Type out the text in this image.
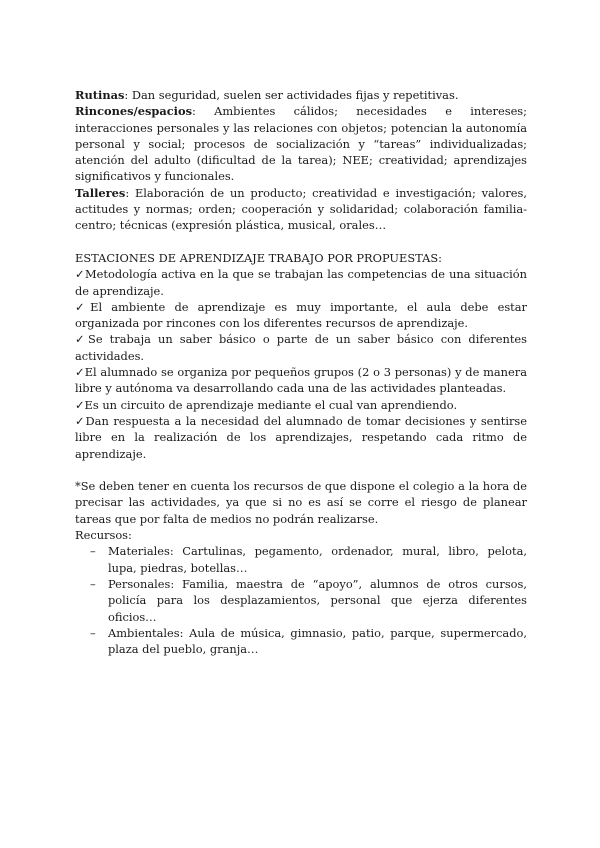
Rutinas: Dan seguridad, suelen ser actividades fijas y repetitivas.

Rincones/espacios: Ambientes cálidos; necesidades e intereses; interacciones personales y las relaciones con objetos; potencian la autonomía personal y social; procesos de socialización y “tareas” individualizadas; atención del adulto (dificultad de la tarea); NEE; creatividad; aprendizajes significativos y funcionales.

Talleres: Elaboración de un producto; creatividad e investigación; valores, actitudes y normas; orden; cooperación y solidaridad; colaboración familia-centro; técnicas (expresión plástica, musical, orales…

ESTACIONES DE APRENDIZAJE TRABAJO POR PROPUESTAS:

✓Metodología activa en la que se trabajan las competencias de una situación de aprendizaje.

✓El ambiente de aprendizaje es muy importante, el aula debe estar organizada por rincones con los diferentes recursos de aprendizaje.

✓Se trabaja un saber básico o parte de un saber básico con diferentes actividades.

✓El alumnado se organiza por pequeños grupos (2 o 3 personas) y de manera libre y autónoma va desarrollando cada una de las actividades planteadas.

✓Es un circuito de aprendizaje mediante el cual van aprendiendo.

✓Dan respuesta a la necesidad del alumnado de tomar decisiones y sentirse libre en la realización de los aprendizajes, respetando cada ritmo de aprendizaje.

*Se deben tener en cuenta los recursos de que dispone el colegio a la hora de precisar las actividades, ya que si no es así se corre el riesgo de planear tareas que por falta de medios no podrán realizarse.

Recursos:

– Materiales: Cartulinas, pegamento, ordenador, mural, libro, pelota, lupa, piedras, botellas…
– Personales: Familia, maestra de “apoyo”, alumnos de otros cursos, policía para los desplazamientos, personal que ejerza diferentes oficios…
– Ambientales: Aula de música, gimnasio, patio, parque, supermercado, plaza del pueblo, granja…
